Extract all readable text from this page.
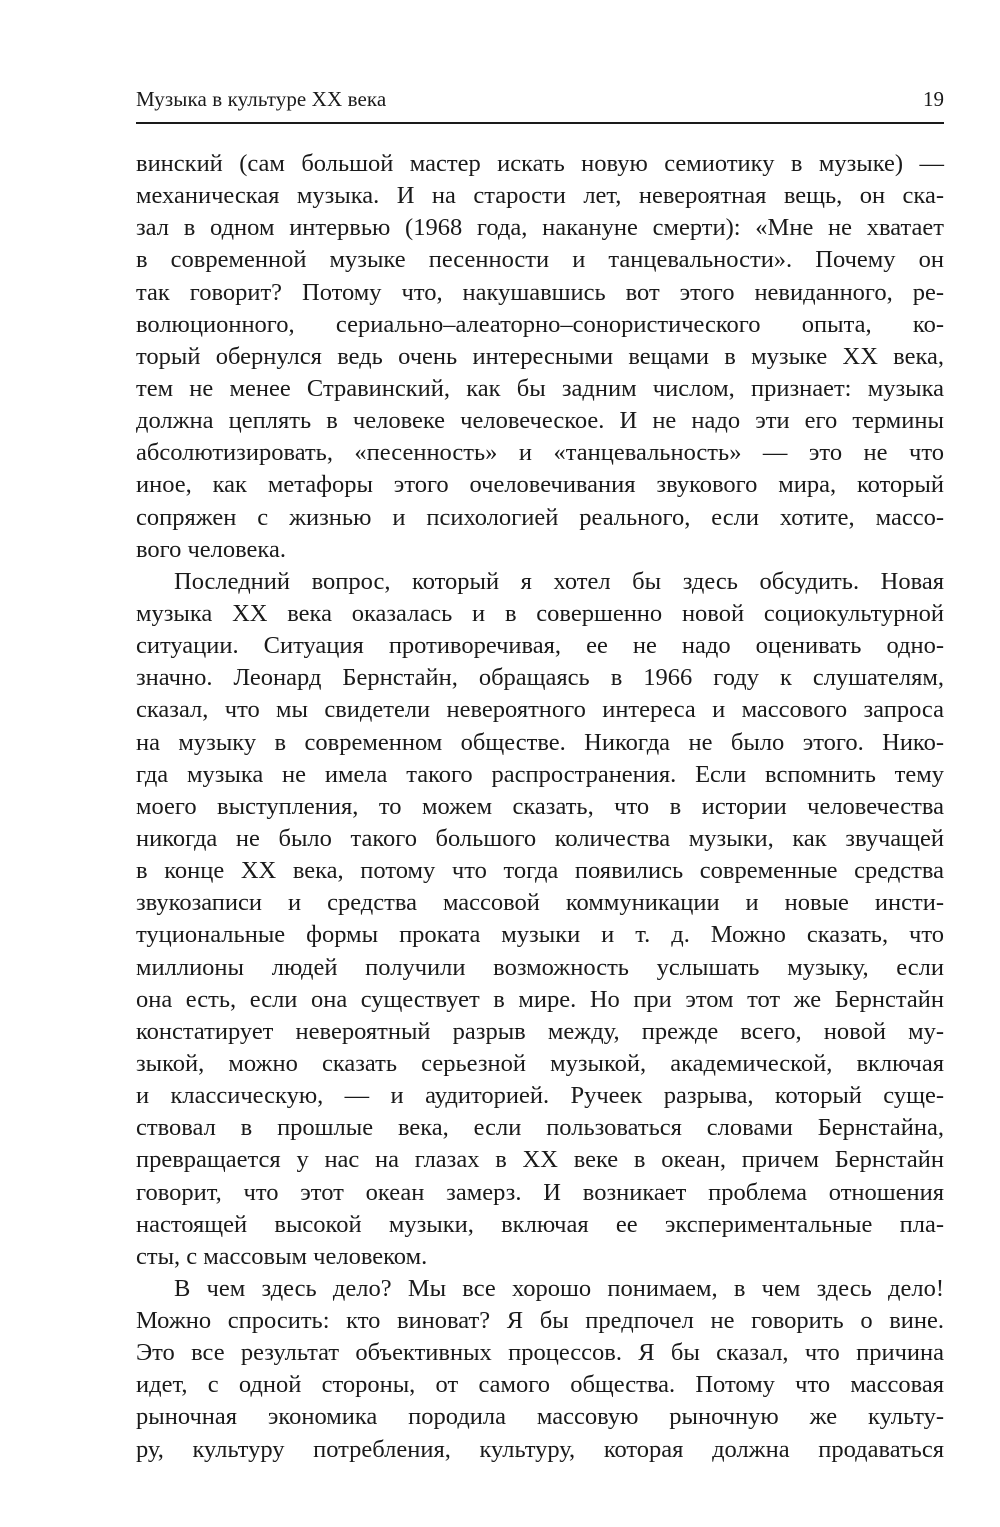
Музыка в культуре XX века	19
винский (сам большой мастер искать новую семиотику в музыке) —
механическая музыка. И на старости лет, невероятная вещь, он ска-
зал в одном интервью (1968 года, накануне смерти): «Мне не хватает
в современной музыке песенности и танцевальности». Почему он
так говорит? Потому что, накушавшись вот этого невиданного, ре-
волюционного, сериально–алеаторно–сонористического опыта, ко-
торый обернулся ведь очень интересными вещами в музыке XX века,
тем не менее Стравинский, как бы задним числом, признает: музыка
должна цеплять в человеке человеческое. И не надо эти его термины
абсолютизировать, «песенность» и «танцевальность» — это не что
иное, как метафоры этого очеловечивания звукового мира, который
сопряжен с жизнью и психологией реального, если хотите, массо-
вого человека.
Последний вопрос, который я хотел бы здесь обсудить. Новая
музыка XX века оказалась и в совершенно новой социокультурной
ситуации. Ситуация противоречивая, ее не надо оценивать одно-
значно. Леонард Бернстайн, обращаясь в 1966 году к слушателям,
сказал, что мы свидетели невероятного интереса и массового запроса
на музыку в современном обществе. Никогда не было этого. Нико-
гда музыка не имела такого распространения. Если вспомнить тему
моего выступления, то можем сказать, что в истории человечества
никогда не было такого большого количества музыки, как звучащей
в конце XX века, потому что тогда появились современные средства
звукозаписи и средства массовой коммуникации и новые инсти-
туциональные формы проката музыки и т. д. Можно сказать, что
миллионы людей получили возможность услышать музыку, если
она есть, если она существует в мире. Но при этом тот же Бернстайн
констатирует невероятный разрыв между, прежде всего, новой му-
зыкой, можно сказать серьезной музыкой, академической, включая
и классическую, — и аудиторией. Ручеек разрыва, который суще-
ствовал в прошлые века, если пользоваться словами Бернстайна,
превращается у нас на глазах в XX веке в океан, причем Бернстайн
говорит, что этот океан замерз. И возникает проблема отношения
настоящей высокой музыки, включая ее экспериментальные пла-
сты, с массовым человеком.
В чем здесь дело? Мы все хорошо понимаем, в чем здесь дело!
Можно спросить: кто виноват? Я бы предпочел не говорить о вине.
Это все результат объективных процессов. Я бы сказал, что причина
идет, с одной стороны, от самого общества. Потому что массовая
рыночная экономика породила массовую рыночную же культу-
ру, культуру потребления, культуру, которая должна продаваться
